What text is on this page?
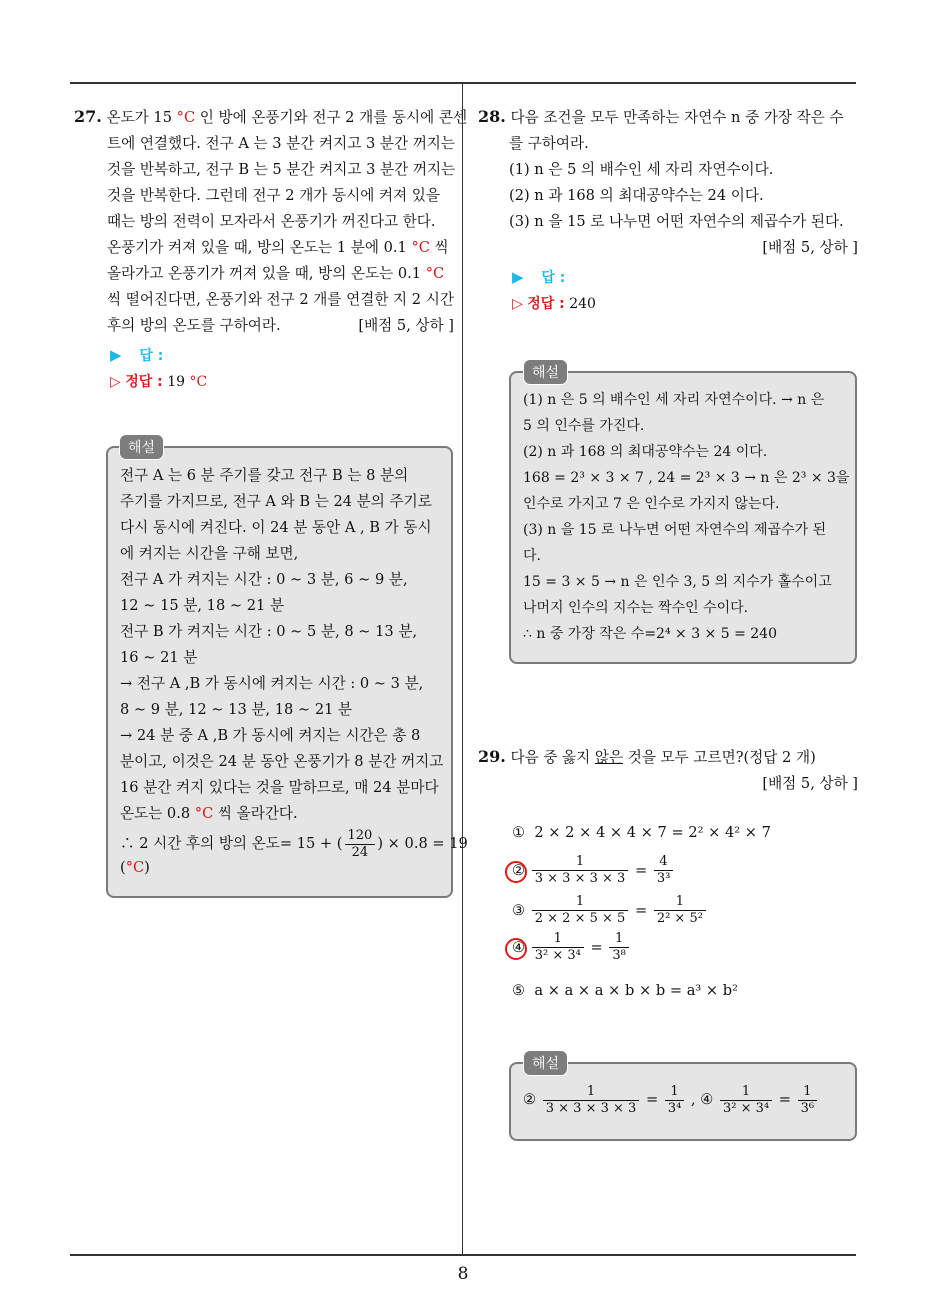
27. 온도가 15 °C 인 방에 온풍기와 전구 2 개를 동시에 콘센
트에 연결했다. 전구 A 는 3 분간 켜지고 3 분간 꺼지는
것을 반복하고, 전구 B 는 5 분간 켜지고 3 분간 꺼지는
것을 반복한다. 그런데 전구 2 개가 동시에 켜져 있을
때는 방의 전력이 모자라서 온풍기가 꺼진다고 한다.
온풍기가 켜져 있을 때, 방의 온도는 1 분에 0.1 °C 씩
올라가고 온풍기가 꺼져 있을 때, 방의 온도는 0.1 °C
씩 떨어진다면, 온풍기와 전구 2 개를 연결한 지 2 시간
후의 방의 온도를 구하여라.	[배점 5, 상하 ]
▶ 답 :
▷ 정답 : 19 °C
전구 A 는 6 분 주기를 갖고 전구 B 는 8 분의
주기를 가지므로, 전구 A 와 B 는 24 분의 주기로
다시 동시에 켜진다. 이 24 분 동안 A , B 가 동시
에 켜지는 시간을 구해 보면,
전구 A 가 켜지는 시간 : 0 ∼ 3 분, 6 ∼ 9 분,
12 ∼ 15 분, 18 ∼ 21 분
전구 B 가 켜지는 시간 : 0 ∼ 5 분, 8 ∼ 13 분,
16 ∼ 21 분
→ 전구 A ,B 가 동시에 켜지는 시간 : 0 ∼ 3 분,
8 ∼ 9 분, 12 ∼ 13 분, 18 ∼ 21 분
→ 24 분 중 A ,B 가 동시에 켜지는 시간은 총 8
분이고, 이것은 24 분 동안 온풍기가 8 분간 꺼지고
16 분간 켜지 있다는 것을 말하므로, 매 24 분마다
온도는 0.8 °C 씩 올라간다.
∴ 2 시간 후의 방의 온도= 15 + ( $\frac{120}{24}$ ) × 0.8 = 19
(°C)
해설
28. 다음 조건을 모두 만족하는 자연수 n 중 가장 작은 수
를 구하여라.
(1) n 은 5 의 배수인 세 자리 자연수이다.
(2) n 과 168 의 최대공약수는 24 이다.
(3) n 을 15 로 나누면 어떤 자연수의 제곱수가 된다.
[배점 5, 상하 ]
▶ 답 :
▷ 정답 : 240
(1) n 은 5 의 배수인 세 자리 자연수이다. → n 은
5 의 인수를 가진다.
(2) n 과 168 의 최대공약수는 24 이다.
168 = 2³ × 3 × 7 , 24 = 2³ × 3 → n 은 2³ × 3을
인수로 가지고 7 은 인수로 가지지 않는다.
(3) n 을 15 로 나누면 어떤 자연수의 제곱수가 된
다.
15 = 3 × 5 → n 은 인수 3, 5 의 지수가 홀수이고
나머지 인수의 지수는 짝수인 수이다.
∴ n 중 가장 작은 수=2⁴ × 3 × 5 = 240
해설
29. 다음 중 옳지 않은 것을 모두 고르면?(정답 2 개)
[배점 5, 상하 ]
① 2 × 2 × 4 × 4 × 7 = 2² × 4² × 7
② $\frac{1}{3 \times 3 \times 3 \times 3} = \frac{4}{\text{3³}}$
③ $\frac{1}{2 \times 2 \times 5 \times 5} = \frac{1}{\text{2² × 5²}}$
④ $\frac{1}{\text{3² × 3⁴}} = \frac{1}{\text{3⁸}}$
⑤ a × a × a × b × b = a³ × b²
② $\frac{1}{3 \times 3 \times 3 \times 3} = \frac{1}{\text{3⁴}}$ , ④ $\frac{1}{\text{3² × 3⁴}} = \frac{1}{\text{3⁶}}$
해설
8
